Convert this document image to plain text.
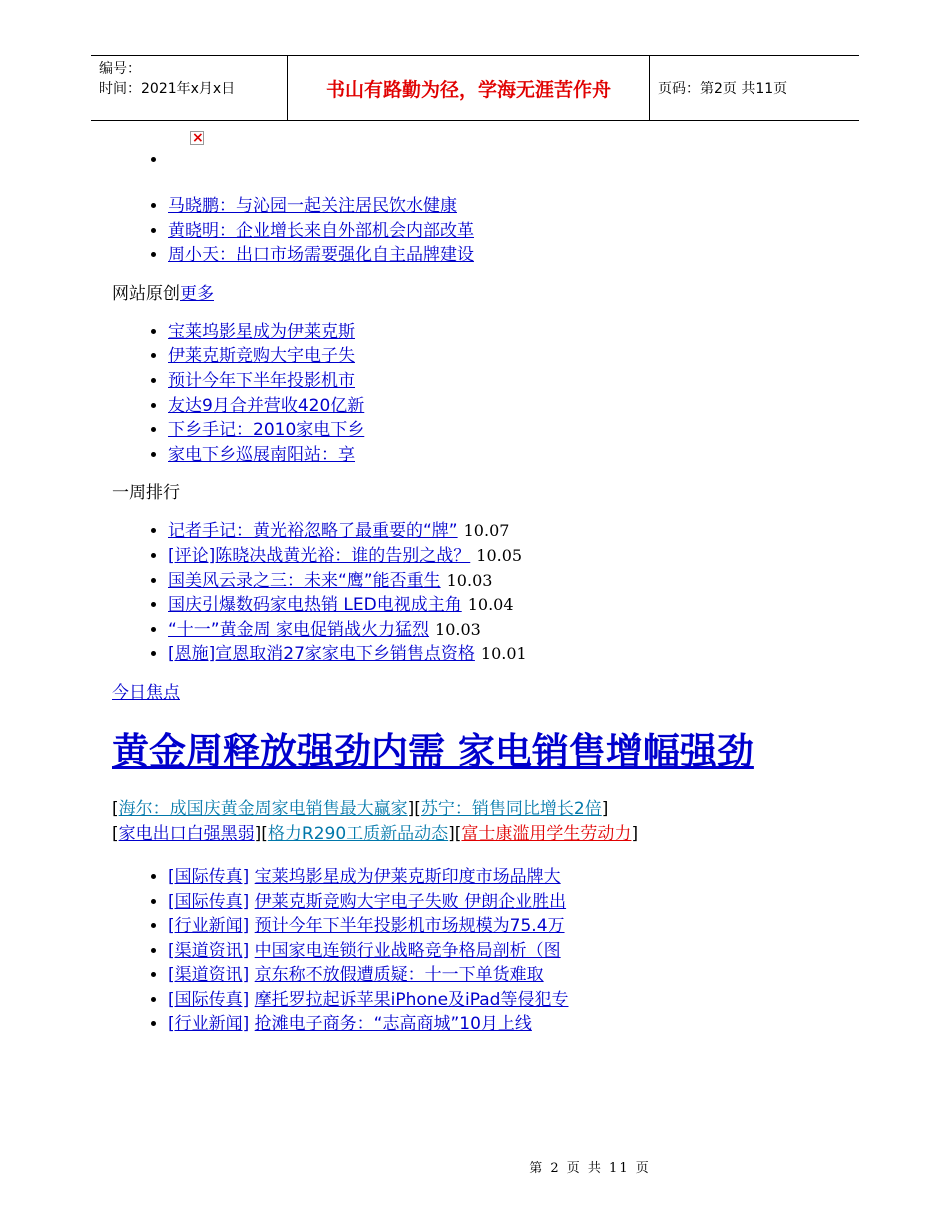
编号：
时间：2021年x月x日	书山有路勤为径，学海无涯苦作舟	页码：第2页 共11页
• ×
• 马晓鹏：与沁园一起关注居民饮水健康
• 黄晓明：企业增长来自外部机会内部改革
• 周小天：出口市场需要强化自主品牌建设
网站原创更多
• 宝莱坞影星成为伊莱克斯
• 伊莱克斯竞购大宇电子失
• 预计今年下半年投影机市
• 友达9月合并营收420亿新
• 下乡手记：2010家电下乡
• 家电下乡巡展南阳站：享
一周排行
• 记者手记：黄光裕忽略了最重要的“牌” 10.07
• [评论]陈晓决战黄光裕：谁的告别之战？ 10.05
• 国美风云录之三：未来“鹰”能否重生 10.03
• 国庆引爆数码家电热销 LED电视成主角 10.04
• “十一”黄金周 家电促销战火力猛烈 10.03
• [恩施]宣恩取消27家家电下乡销售点资格 10.01
今日焦点
黄金周释放强劲内需 家电销售增幅强劲
[海尔：成国庆黄金周家电销售最大赢家][苏宁：销售同比增长2倍]
[家电出口白强黑弱][格力R290工质新品动态][富士康滥用学生劳动力]
• [国际传真] 宝莱坞影星成为伊莱克斯印度市场品牌大
• [国际传真] 伊莱克斯竞购大宇电子失败 伊朗企业胜出
• [行业新闻] 预计今年下半年投影机市场规模为75.4万
• [渠道资讯] 中国家电连锁行业战略竞争格局剖析（图
• [渠道资讯] 京东称不放假遭质疑：十一下单货难取
• [国际传真] 摩托罗拉起诉苹果iPhone及iPad等侵犯专
• [行业新闻] 抢滩电子商务：“志高商城”10月上线
第 2 页 共 11 页
